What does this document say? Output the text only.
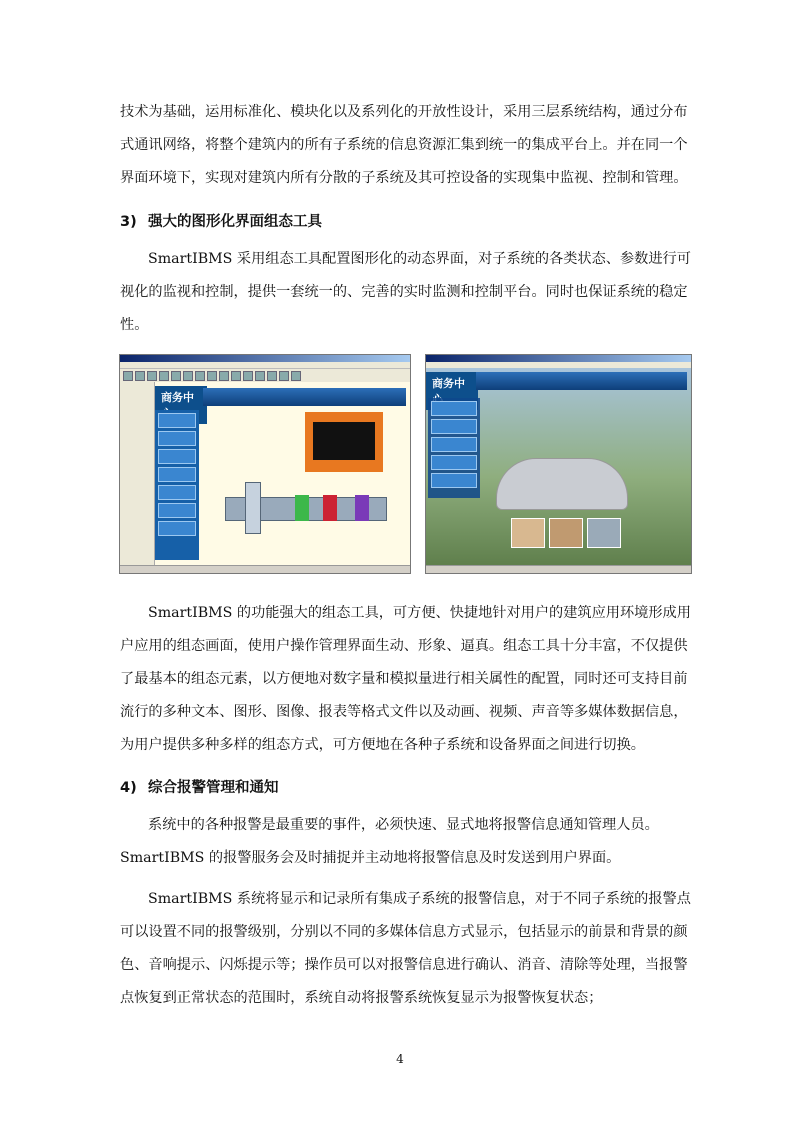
技术为基础，运用标准化、模块化以及系列化的开放性设计，采用三层系统结构，通过分布
式通讯网络，将整个建筑内的所有子系统的信息资源汇集到统一的集成平台上。并在同一个
界面环境下，实现对建筑内所有分散的子系统及其可控设备的实现集中监视、控制和管理。
3) 强大的图形化界面组态工具
SmartIBMS 采用组态工具配置图形化的动态界面，对子系统的各类状态、参数进行可
视化的监视和控制，提供一套统一的、完善的实时监测和控制平台。同时也保证系统的稳定
性。
商务中
商务中
SmartIBMS 的功能强大的组态工具，可方便、快捷地针对用户的建筑应用环境形成用
户应用的组态画面，使用户操作管理界面生动、形象、逼真。组态工具十分丰富，不仅提供
了最基本的组态元素，以方便地对数字量和模拟量进行相关属性的配置，同时还可支持目前
流行的多种文本、图形、图像、报表等格式文件以及动画、视频、声音等多媒体数据信息，
为用户提供多种多样的组态方式，可方便地在各种子系统和设备界面之间进行切换。
4) 综合报警管理和通知
系统中的各种报警是最重要的事件，必须快速、显式地将报警信息通知管理人员。
SmartIBMS 的报警服务会及时捕捉并主动地将报警信息及时发送到用户界面。
SmartIBMS 系统将显示和记录所有集成子系统的报警信息，对于不同子系统的报警点
可以设置不同的报警级别，分别以不同的多媒体信息方式显示，包括显示的前景和背景的颜
色、音响提示、闪烁提示等；操作员可以对报警信息进行确认、消音、清除等处理，当报警
点恢复到正常状态的范围时，系统自动将报警系统恢复显示为报警恢复状态；
4
